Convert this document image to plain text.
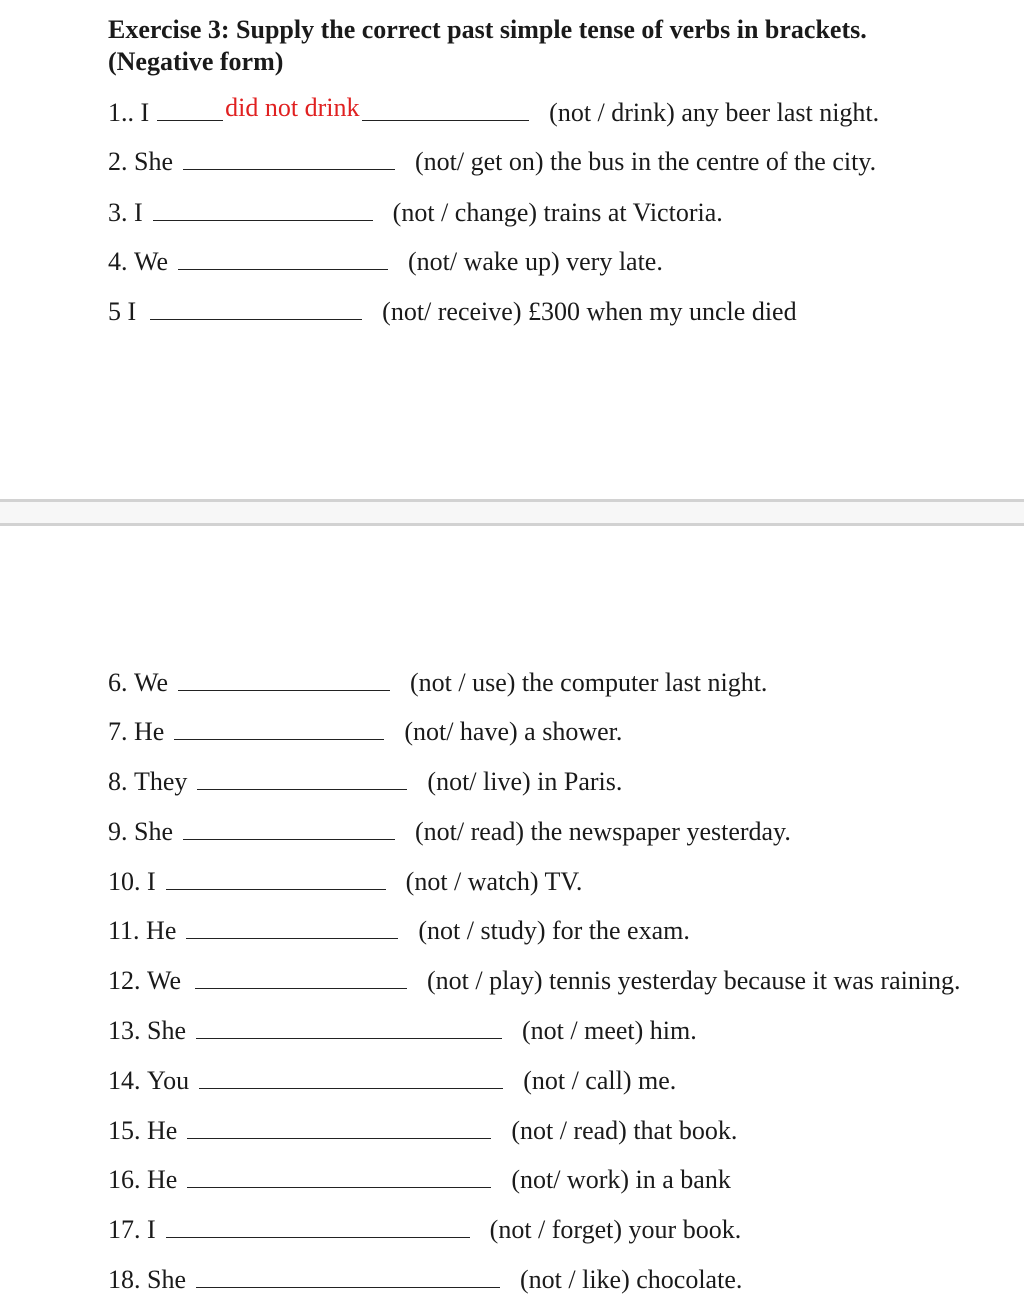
Exercise 3: Supply the correct past simple tense of verbs in brackets.
(Negative form)
1..
I	did not drink	(not / drink) any beer last night.
2.
She	(not/ get on) the bus in the centre of the city.
3.
I	(not / change) trains at Victoria.
4.
We	(not/ wake up) very late.
5
I	(not/ receive) £300 when my uncle died
6.
We	(not / use) the computer last night.
7.
He	(not/ have) a shower.
8.
They	(not/ live) in Paris.
9.
She	(not/ read) the newspaper yesterday.
10.
I	(not / watch) TV.
11.
He	(not / study) for the exam.
12.
We	(not / play) tennis yesterday because it was raining.
13.
She	(not / meet) him.
14.
You	(not / call) me.
15.
He	(not / read) that book.
16.
He	(not/ work) in a bank
17.
I	(not / forget) your book.
18.
She	(not / like) chocolate.
